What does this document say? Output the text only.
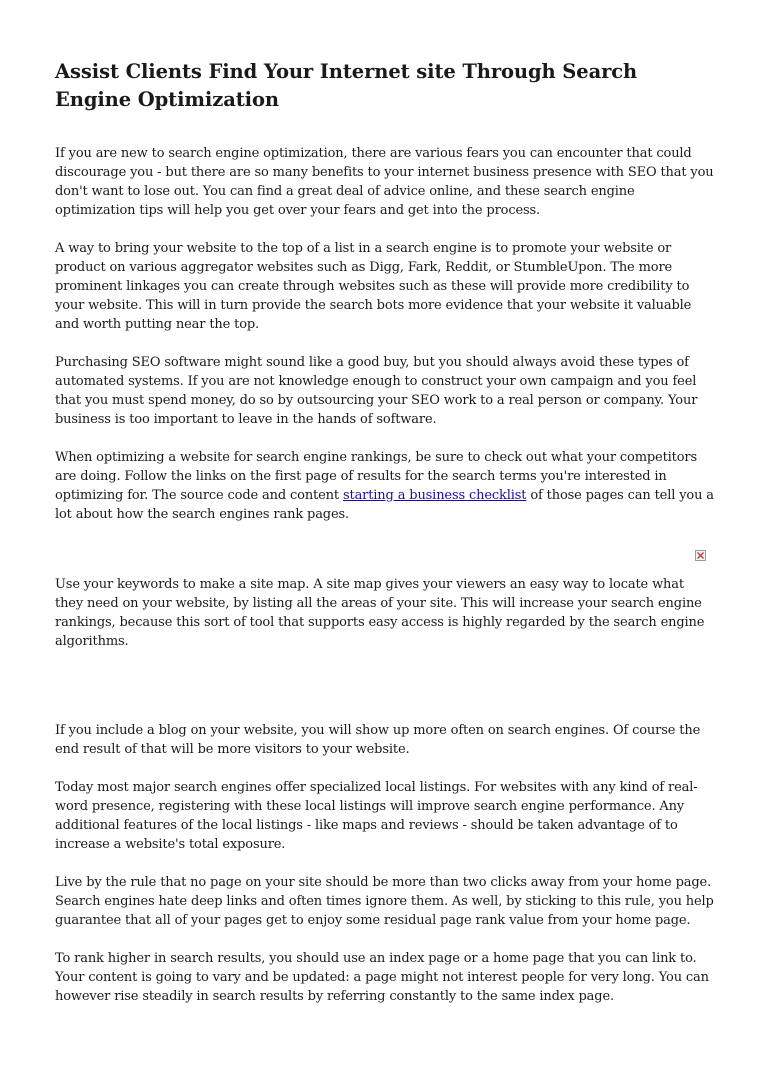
Assist Clients Find Your Internet site Through Search Engine Optimization

If you are new to search engine optimization, there are various fears you can encounter that could discourage you - but there are so many benefits to your internet business presence with SEO that you don't want to lose out. You can find a great deal of advice online, and these search engine optimization tips will help you get over your fears and get into the process.

A way to bring your website to the top of a list in a search engine is to promote your website or product on various aggregator websites such as Digg, Fark, Reddit, or StumbleUpon. The more prominent linkages you can create through websites such as these will provide more credibility to your website. This will in turn provide the search bots more evidence that your website it valuable and worth putting near the top.

Purchasing SEO software might sound like a good buy, but you should always avoid these types of automated systems. If you are not knowledge enough to construct your own campaign and you feel that you must spend money, do so by outsourcing your SEO work to a real person or company. Your business is too important to leave in the hands of software.

When optimizing a website for search engine rankings, be sure to check out what your competitors are doing. Follow the links on the first page of results for the search terms you're interested in optimizing for. The source code and content starting a business checklist of those pages can tell you a lot about how the search engines rank pages.

Use your keywords to make a site map. A site map gives your viewers an easy way to locate what they need on your website, by listing all the areas of your site. This will increase your search engine rankings, because this sort of tool that supports easy access is highly regarded by the search engine algorithms.

If you include a blog on your website, you will show up more often on search engines. Of course the end result of that will be more visitors to your website.

Today most major search engines offer specialized local listings. For websites with any kind of real-word presence, registering with these local listings will improve search engine performance. Any additional features of the local listings - like maps and reviews - should be taken advantage of to increase a website's total exposure.

Live by the rule that no page on your site should be more than two clicks away from your home page. Search engines hate deep links and often times ignore them. As well, by sticking to this rule, you help guarantee that all of your pages get to enjoy some residual page rank value from your home page.

To rank higher in search results, you should use an index page or a home page that you can link to. Your content is going to vary and be updated: a page might not interest people for very long. You can however rise steadily in search results by referring constantly to the same index page.
